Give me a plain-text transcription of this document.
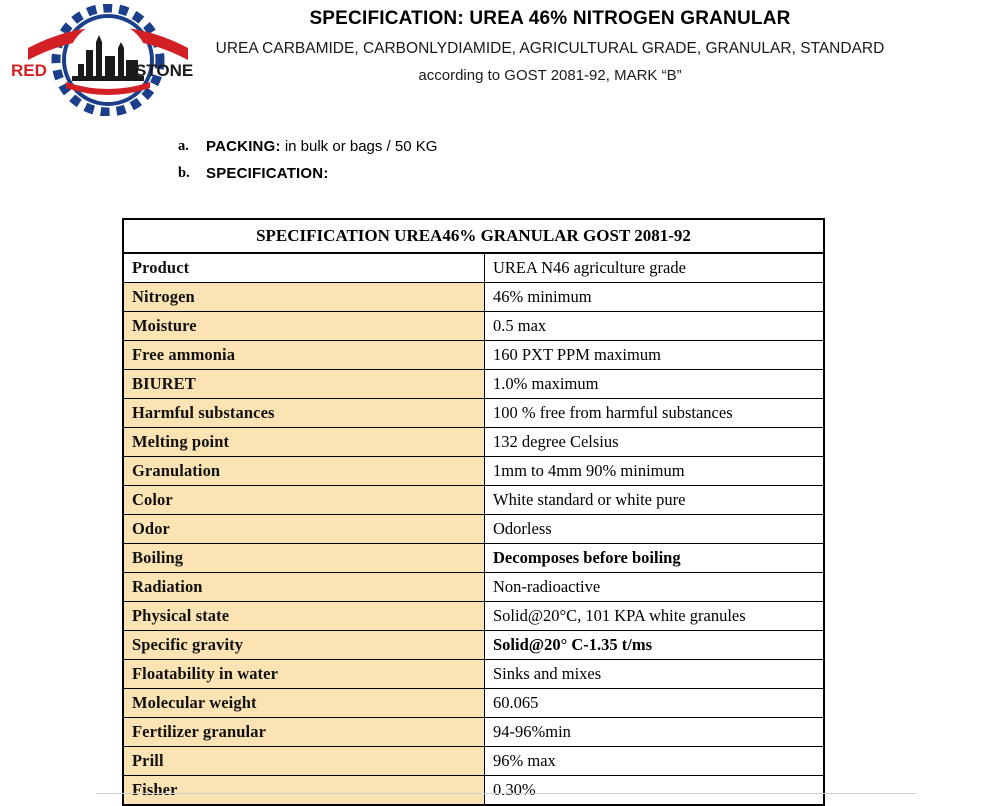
RED	STONE
SPECIFICATION: UREA 46% NITROGEN GRANULAR
UREA CARBAMIDE, CARBONLYDIAMIDE, AGRICULTURAL GRADE, GRANULAR, STANDARD
according to GOST 2081-92, MARK “B”
a.	PACKING: in bulk or bags / 50 KG
b.	SPECIFICATION:
SPECIFICATION UREA46% GRANULAR GOST 2081-92	
Product	UREA N46 agriculture grade
Nitrogen	46% minimum
Moisture	0.5 max
Free ammonia	160 PXT PPM maximum
BIURET	1.0% maximum
Harmful substances	100 % free from harmful substances
Melting point	132 degree Celsius
Granulation	1mm to 4mm 90% minimum
Color	White standard or white pure
Odor	Odorless
Boiling	Decomposes before boiling
Radiation	Non-radioactive
Physical state	Solid@20°C, 101 KPA white granules
Specific gravity	Solid@20° C-1.35 t/ms
Floatability in water	Sinks and mixes
Molecular weight	60.065
Fertilizer granular	94-96%min
Prill	96% max
Fisher	0.30%
